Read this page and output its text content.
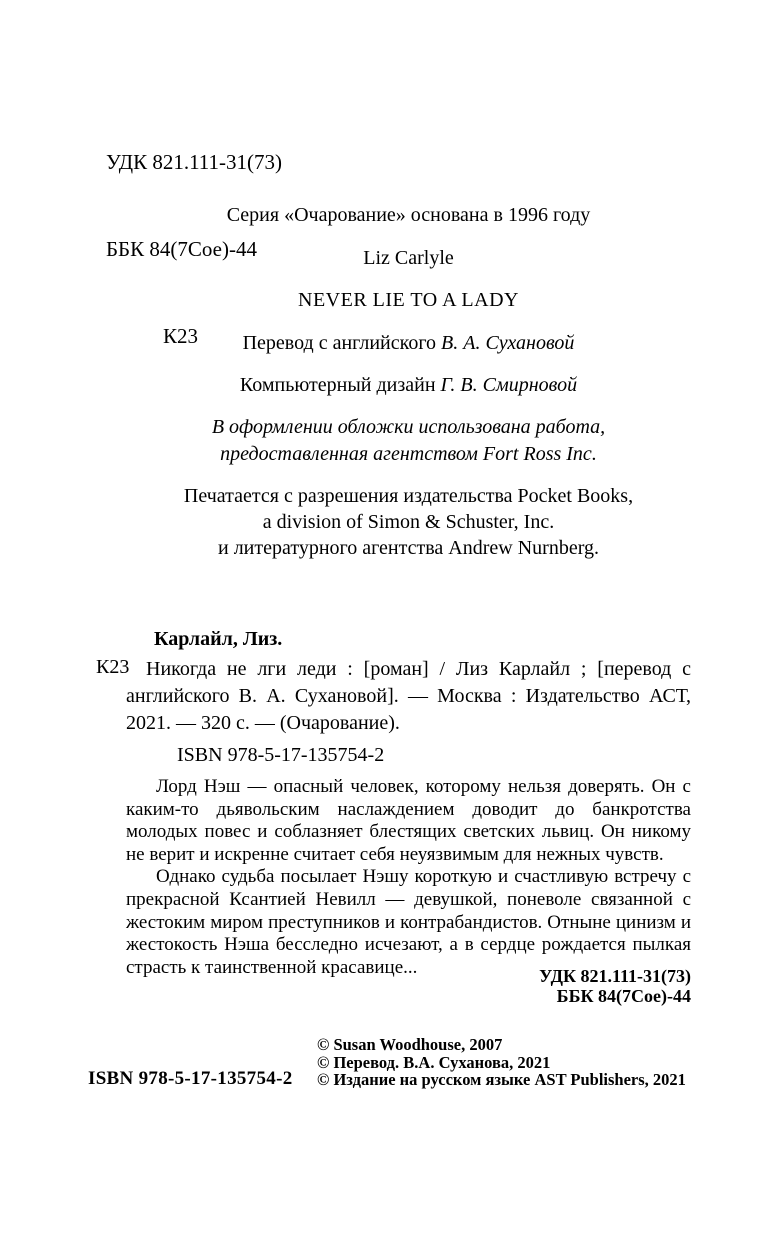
УДК 821.111-31(73)

ББК 84(7Сое)-44

К23

Серия «Очарование» основана в 1996 году
Liz Carlyle
NEVER LIE TO A LADY
Перевод с английского В. А. Сухановой
Компьютерный дизайн Г. В. Смирновой
В оформлении обложки использована работа,
предоставленная агентством Fort Ross Inc.
Печатается с разрешения издательства Pocket Books,
a division of Simon & Schuster, Inc.
и литературного агентства Andrew Nurnberg.
Карлайл, Лиз.
К23 Никогда не лги леди : [роман] / Лиз Карлайл ; [перевод с английского В. А. Сухановой]. — Москва : Издательство АСТ, 2021. — 320 с. — (Очарование).
ISBN 978-5-17-135754-2

Лорд Нэш — опасный человек, которому нельзя доверять. Он с каким-то дьявольским наслаждением доводит до банкротства молодых повес и соблазняет блестящих светских львиц. Он никому не верит и искренне считает себя неуязвимым для нежных чувств.

Однако судьба посылает Нэшу короткую и счастливую встречу с прекрасной Ксантией Невилл — девушкой, поневоле связанной с жестоким миром преступников и контрабандистов. Отныне цинизм и жестокость Нэша бесследно исчезают, а в сердце рождается пылкая страсть к таинственной красавице...	УДК 821.111-31(73)
ББК 84(7Сое)-44
ISBN 978-5-17-135754-2
© Susan Woodhouse, 2007
© Перевод. В.А. Суханова, 2021
© Издание на русском языке AST Publishers, 2021
